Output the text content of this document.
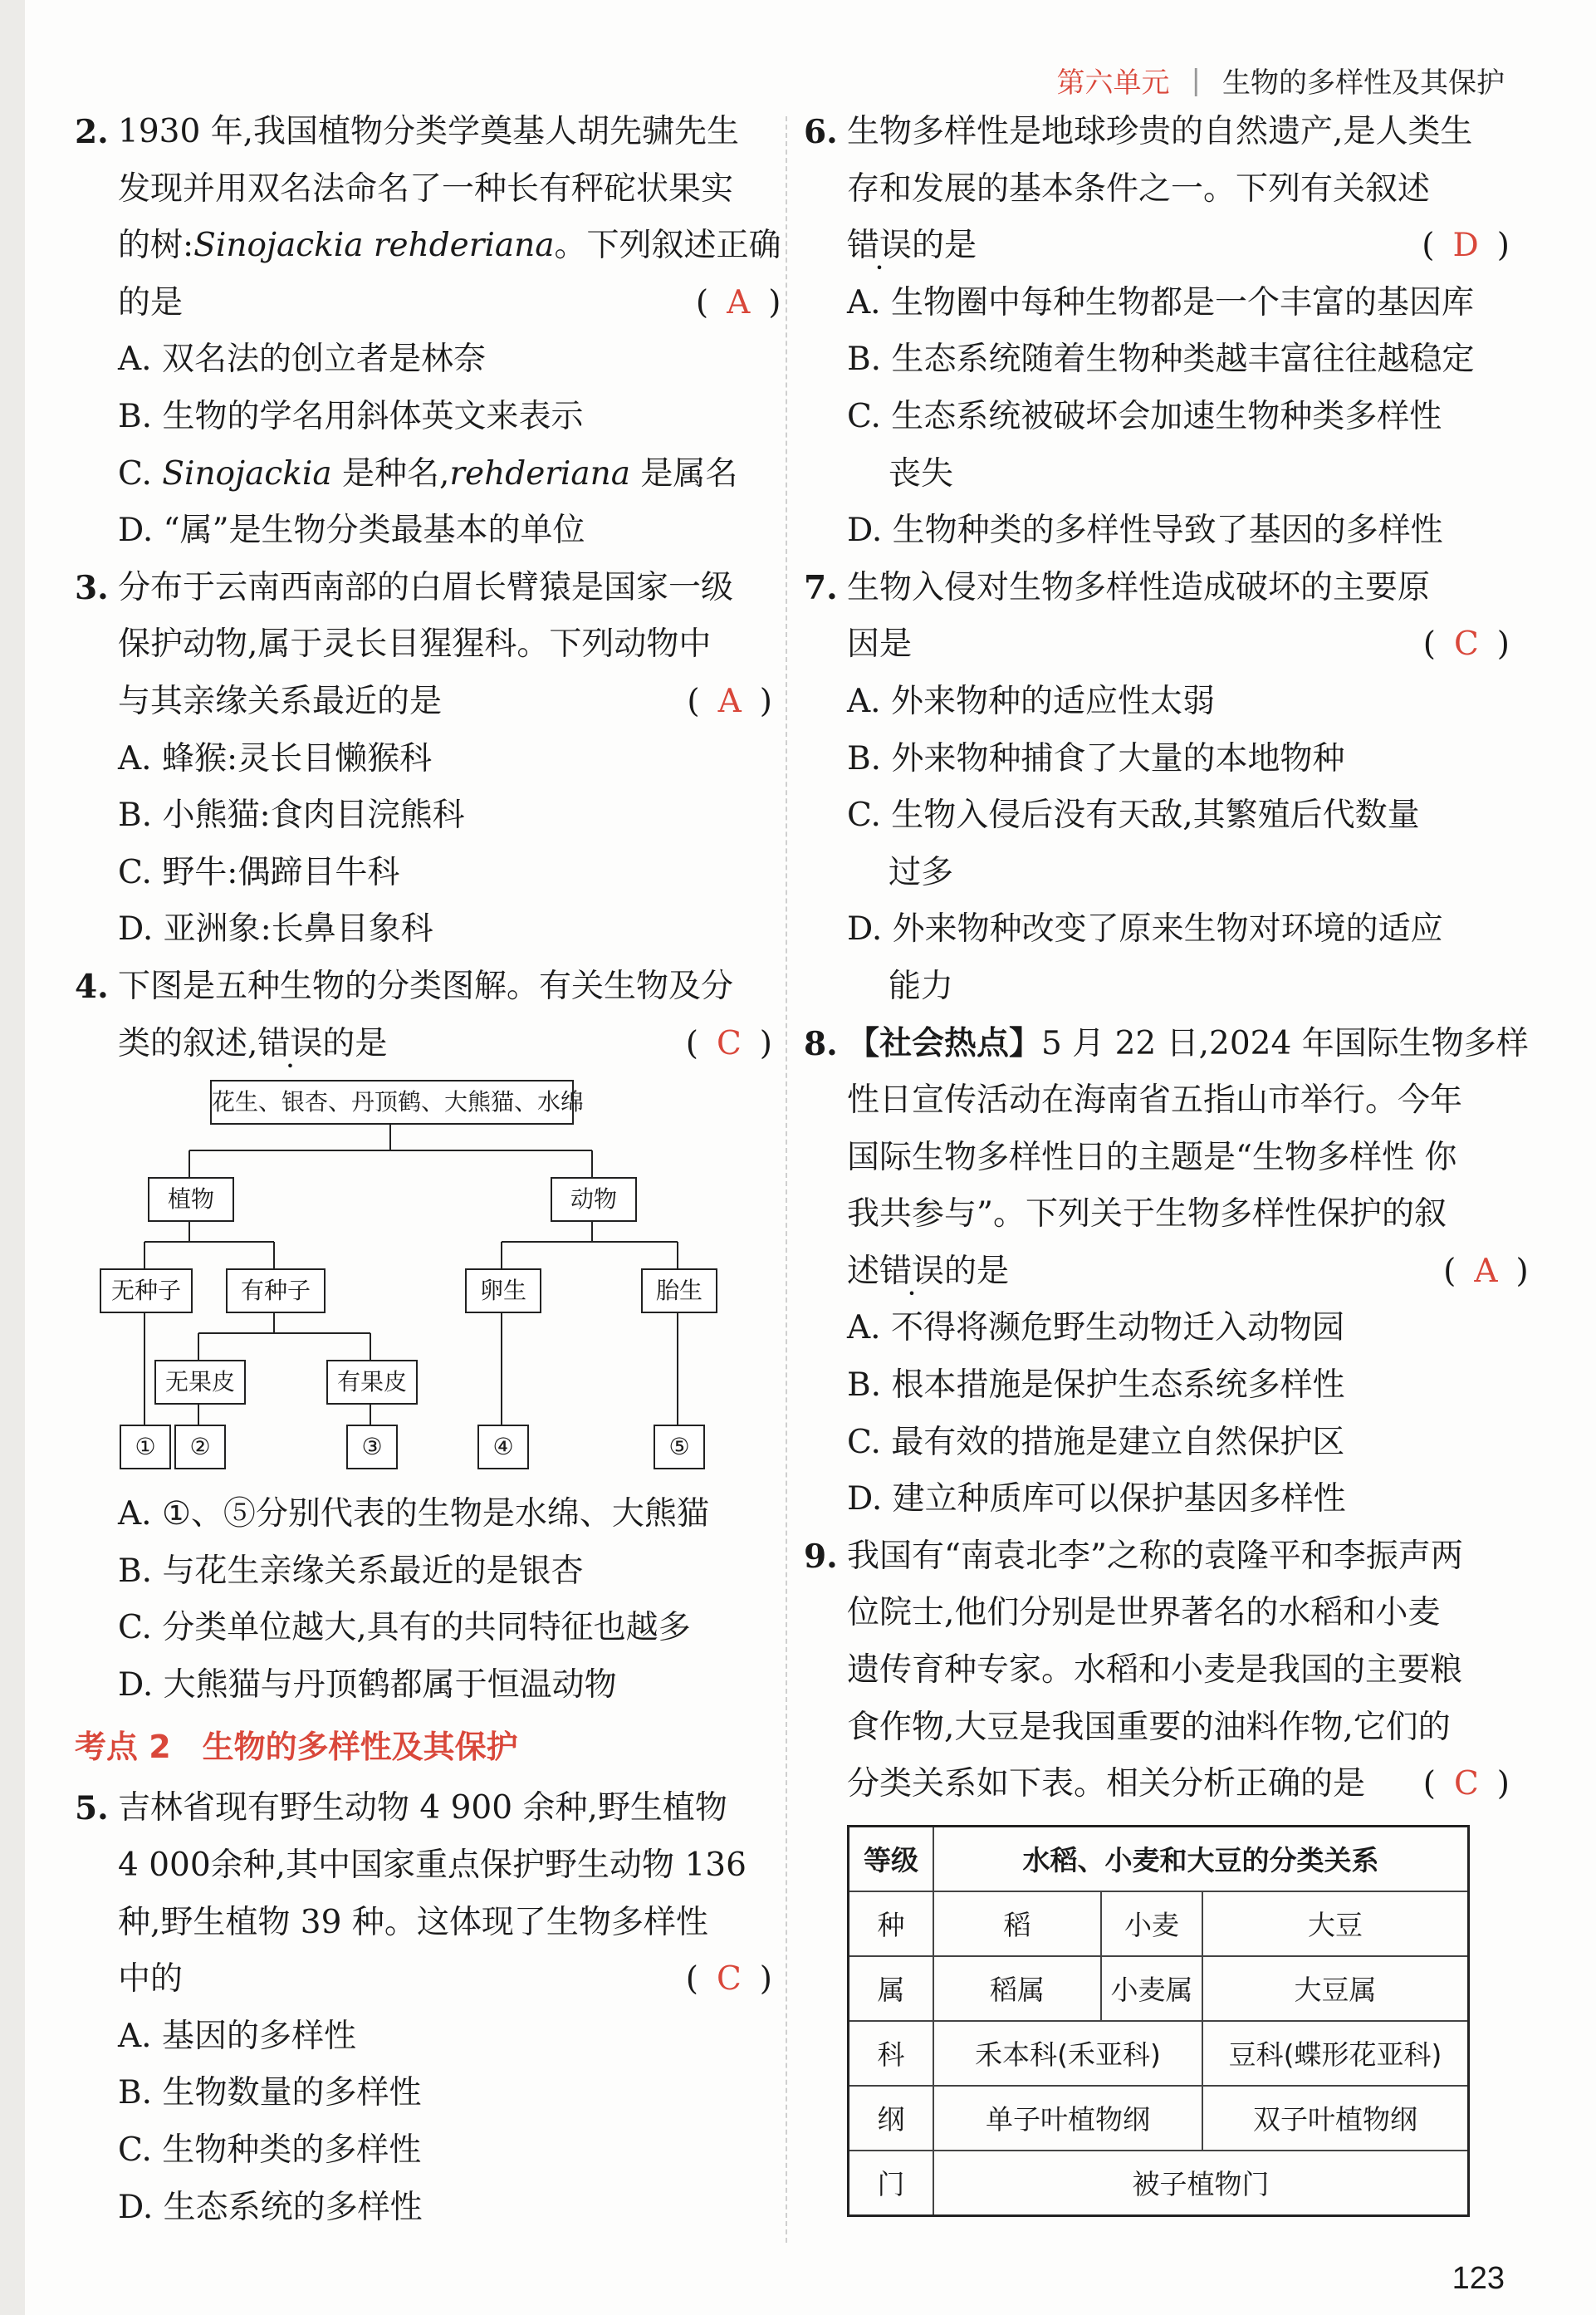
第六单元 | 生物的多样性及其保护
2. 1930 年,我国植物分类学奠基人胡先骕先生
发现并用双名法命名了一种长有秤砣状果实
的树:Sinojackia rehderiana。下列叙述正确
的是	( A )
A. 双名法的创立者是林奈
B. 生物的学名用斜体英文来表示
C. Sinojackia 是种名,rehderiana 是属名
D. “属”是生物分类最基本的单位
3. 分布于云南西南部的白眉长臂猿是国家一级
保护动物,属于灵长目猩猩科。下列动物中
与其亲缘关系最近的是	( A )
A. 蜂猴:灵长目懒猴科
B. 小熊猫:食肉目浣熊科
C. 野牛:偶蹄目牛科
D. 亚洲象:长鼻目象科
4. 下图是五种生物的分类图解。有关生物及分
类的叙述,错误的是	( C )
花生、银杏、丹顶鹤、大熊猫、水绵
植物	动物
无种子	有种子	卵生	胎生
无果皮	有果皮
①	②	③	④	⑤
A. ①、⑤分别代表的生物是水绵、大熊猫
B. 与花生亲缘关系最近的是银杏
C. 分类单位越大,具有的共同特征也越多
D. 大熊猫与丹顶鹤都属于恒温动物
考点 2　生物的多样性及其保护
5. 吉林省现有野生动物 4 900 余种,野生植物
4 000余种,其中国家重点保护野生动物 136
种,野生植物 39 种。这体现了生物多样性
中的	( C )
A. 基因的多样性
B. 生物数量的多样性
C. 生物种类的多样性
D. 生态系统的多样性
6. 生物多样性是地球珍贵的自然遗产,是人类生
存和发展的基本条件之一。下列有关叙述
错误的是	( D )
A. 生物圈中每种生物都是一个丰富的基因库
B. 生态系统随着生物种类越丰富往往越稳定
C. 生态系统被破坏会加速生物种类多样性
丧失
D. 生物种类的多样性导致了基因的多样性
7. 生物入侵对生物多样性造成破坏的主要原
因是	( C )
A. 外来物种的适应性太弱
B. 外来物种捕食了大量的本地物种
C. 生物入侵后没有天敌,其繁殖后代数量
过多
D. 外来物种改变了原来生物对环境的适应
能力
8. 【社会热点】5 月 22 日,2024 年国际生物多样
性日宣传活动在海南省五指山市举行。今年
国际生物多样性日的主题是“生物多样性 你
我共参与”。下列关于生物多样性保护的叙
述错误的是	( A )
A. 不得将濒危野生动物迁入动物园
B. 根本措施是保护生态系统多样性
C. 最有效的措施是建立自然保护区
D. 建立种质库可以保护基因多样性
9. 我国有“南袁北李”之称的袁隆平和李振声两
位院士,他们分别是世界著名的水稻和小麦
遗传育种专家。水稻和小麦是我国的主要粮
食作物,大豆是我国重要的油料作物,它们的
分类关系如下表。相关分析正确的是 ( C )
等级	水稻、小麦和大豆的分类关系		
种	稻	小麦	大豆
属	稻属	小麦属	大豆属
科	禾本科(禾亚科)		豆科(蝶形花亚科)
纲	单子叶植物纲		双子叶植物纲
门	被子植物门		
123
